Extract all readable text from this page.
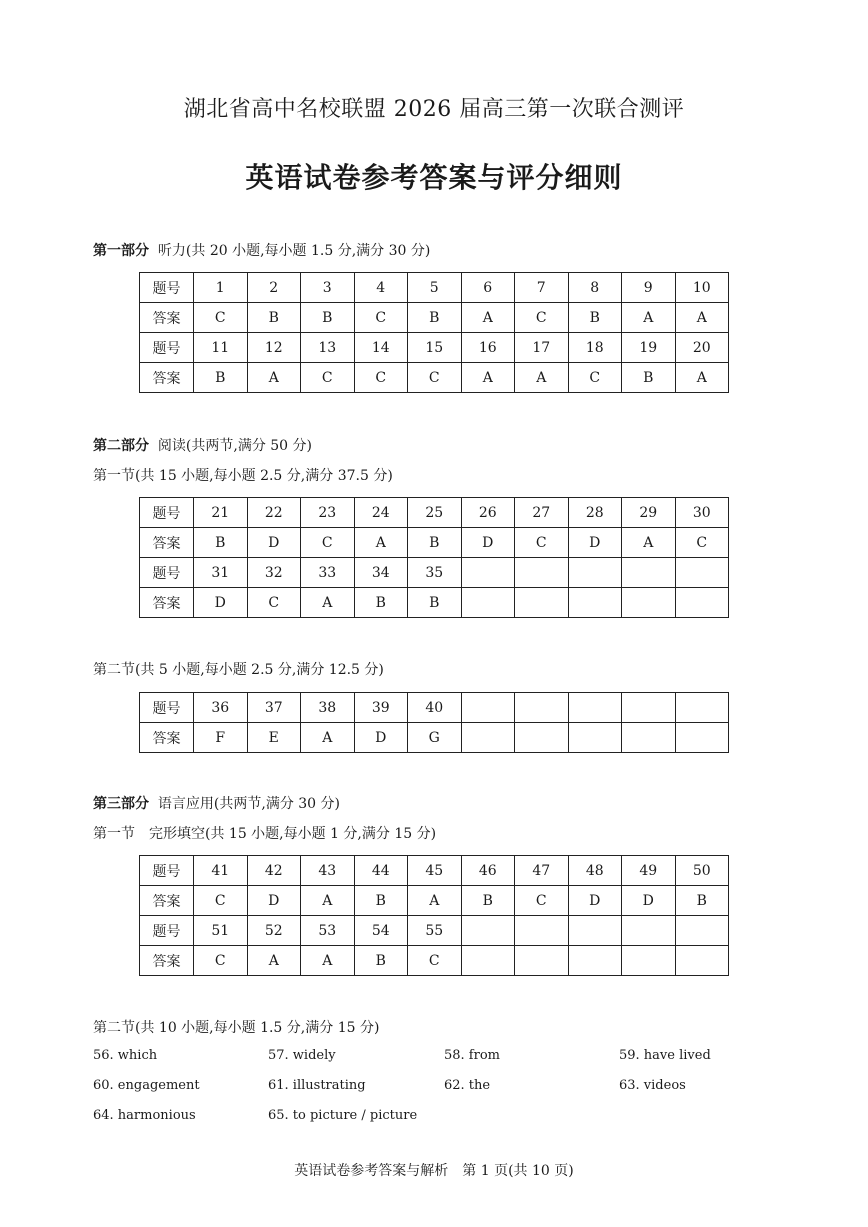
湖北省高中名校联盟 2026 届高三第一次联合测评
英语试卷参考答案与评分细则
第一部分 听力(共 20 小题,每小题 1.5 分,满分 30 分)
题号	1	2	3	4	5	6	7	8	9	10
答案	C	B	B	C	B	A	C	B	A	A
题号	11	12	13	14	15	16	17	18	19	20
答案	B	A	C	C	C	A	A	C	B	A
第二部分 阅读(共两节,满分 50 分)
第一节(共 15 小题,每小题 2.5 分,满分 37.5 分)
题号	21	22	23	24	25	26	27	28	29	30
答案	B	D	C	A	B	D	C	D	A	C
题号	31	32	33	34	35					
答案	D	C	A	B	B					
第二节(共 5 小题,每小题 2.5 分,满分 12.5 分)
题号	36	37	38	39	40					
答案	F	E	A	D	G					
第三部分 语言应用(共两节,满分 30 分)
第一节　完形填空(共 15 小题,每小题 1 分,满分 15 分)
题号	41	42	43	44	45	46	47	48	49	50
答案	C	D	A	B	A	B	C	D	D	B
题号	51	52	53	54	55					
答案	C	A	A	B	C					
第二节(共 10 小题,每小题 1.5 分,满分 15 分)
56. which	57. widely	58. from	59. have lived
60. engagement	61. illustrating	62. the	63. videos
64. harmonious	65. to picture / picture
英语试卷参考答案与解析　第 1 页(共 10 页)
